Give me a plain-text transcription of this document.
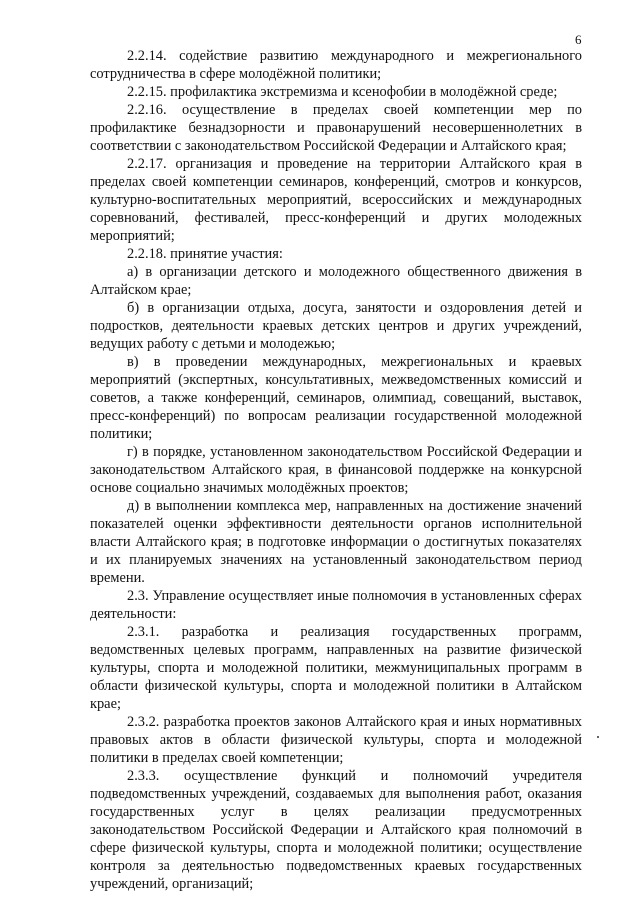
6

2.2.14. содействие развитию международного и межрегионального сотрудничества в сфере молодёжной политики;

2.2.15. профилактика экстремизма и ксенофобии в молодёжной среде;

2.2.16. осуществление в пределах своей компетенции мер по профилактике безнадзорности и правонарушений несовершеннолетних в соответствии с законодательством Российской Федерации и Алтайского края;

2.2.17. организация и проведение на территории Алтайского края в пределах своей компетенции семинаров, конференций, смотров и конкурсов, культурно-воспитательных мероприятий, всероссийских и международных соревнований, фестивалей, пресс-конференций и других молодежных мероприятий;

2.2.18. принятие участия:

а) в организации детского и молодежного общественного движения в Алтайском крае;

б) в организации отдыха, досуга, занятости и оздоровления детей и подростков, деятельности краевых детских центров и других учреждений, ведущих работу с детьми и молодежью;

в) в проведении международных, межрегиональных и краевых мероприятий (экспертных, консультативных, межведомственных комиссий и советов, а также конференций, семинаров, олимпиад, совещаний, выставок, пресс-конференций) по вопросам реализации государственной молодежной политики;

г) в порядке, установленном законодательством Российской Федерации и законодательством Алтайского края, в финансовой поддержке на конкурсной основе социально значимых молодёжных проектов;

д) в выполнении комплекса мер, направленных на достижение значений показателей оценки эффективности деятельности органов исполнительной власти Алтайского края; в подготовке информации о достигнутых показателях и их планируемых значениях на установленный законодательством период времени.

2.3. Управление осуществляет иные полномочия в установленных сферах деятельности:

2.3.1. разработка и реализация государственных программ, ведомственных целевых программ, направленных на развитие физической культуры, спорта и молодежной политики, межмуниципальных программ в области физической культуры, спорта и молодежной политики в Алтайском крае;

2.3.2. разработка проектов законов Алтайского края и иных нормативных правовых актов в области физической культуры, спорта и молодежной политики в пределах своей компетенции;

2.3.3. осуществление функций и полномочий учредителя подведомственных учреждений, создаваемых для выполнения работ, оказания государственных услуг в целях реализации предусмотренных законодательством Российской Федерации и Алтайского края полномочий в сфере физической культуры, спорта и молодежной политики; осуществление контроля за деятельностью подведомственных краевых государственных учреждений, организаций;
